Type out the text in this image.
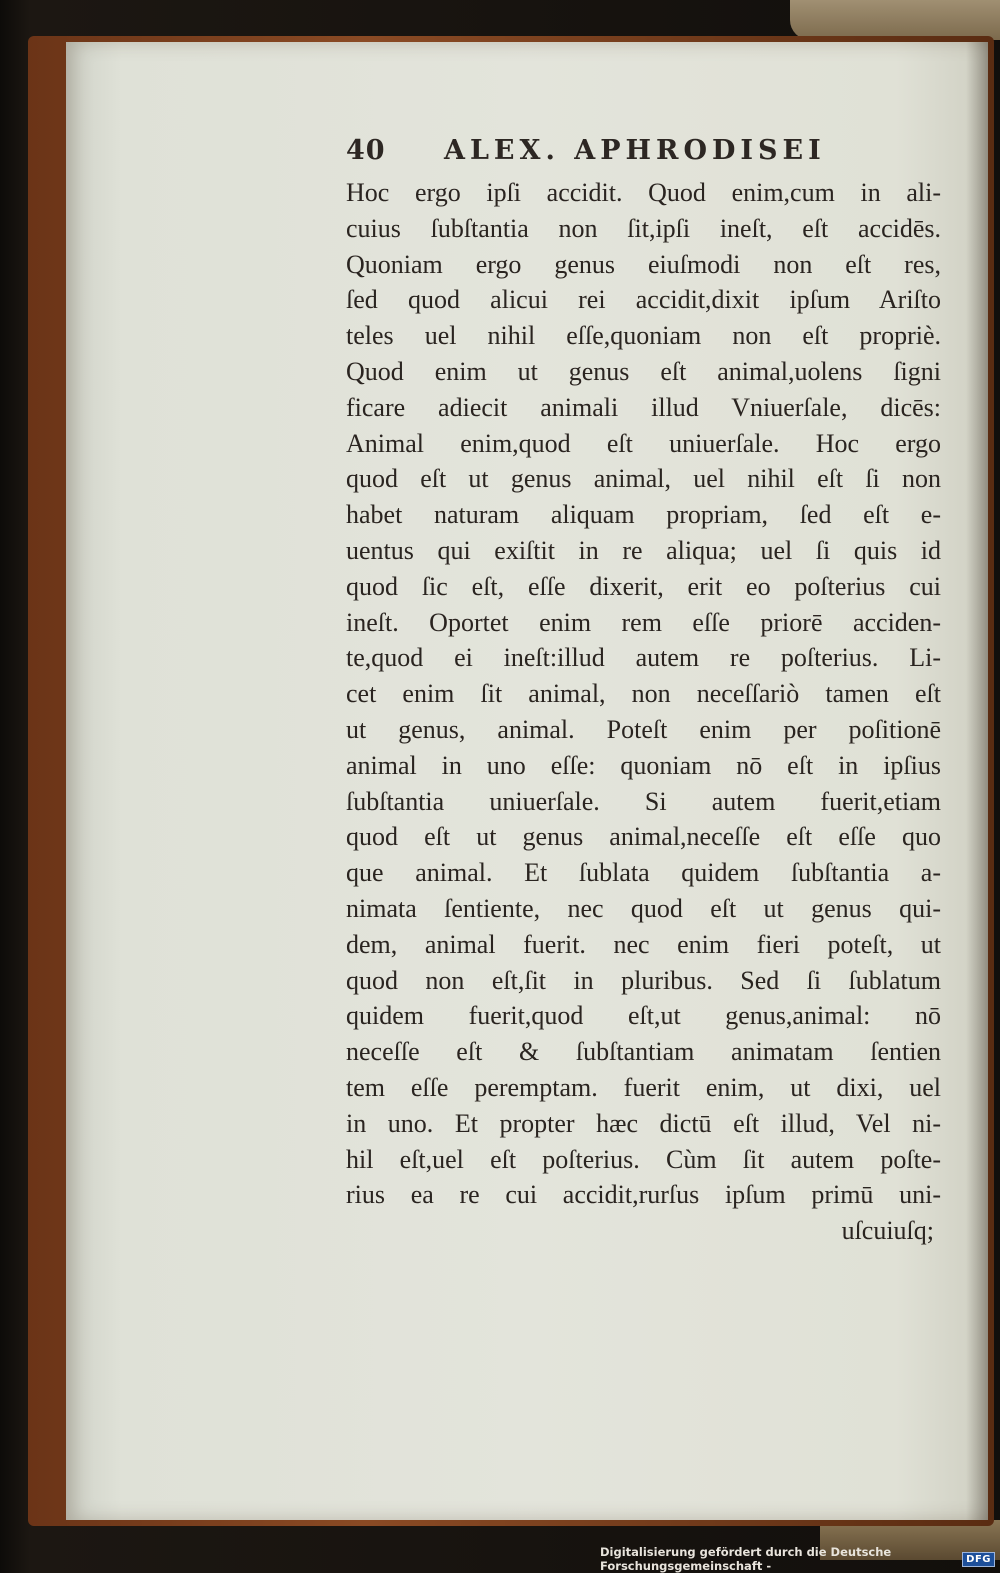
40	ALEX. APHRODISEI
Hoc ergo ipſi accidit. Quod enim,cum in ali-
cuius ſubſtantia non ſit,ipſi ineſt, eſt accidēs.
Quoniam ergo genus eiuſmodi non eſt res,
ſed quod alicui rei accidit,dixit ipſum Ariſto
teles uel nihil eſſe,quoniam non eſt propriè.
Quod enim ut genus eſt animal,uolens ſigni
ficare adiecit animali illud Vniuerſale, dicēs:
Animal enim,quod eſt uniuerſale. Hoc ergo
quod eſt ut genus animal, uel nihil eſt ſi non
habet naturam aliquam propriam, ſed eſt e-
uentus qui exiſtit in re aliqua; uel ſi quis id
quod ſic eſt, eſſe dixerit, erit eo poſterius cui
ineſt. Oportet enim rem eſſe priorē acciden-
te,quod ei ineſt:illud autem re poſterius. Li-
cet enim ſit animal, non neceſſariò tamen eſt
ut genus, animal. Poteſt enim per poſitionē
animal in uno eſſe: quoniam nō eſt in ipſius
ſubſtantia uniuerſale. Si autem fuerit,etiam
quod eſt ut genus animal,neceſſe eſt eſſe quo
que animal. Et ſublata quidem ſubſtantia a-
nimata ſentiente, nec quod eſt ut genus qui-
dem, animal fuerit. nec enim fieri poteſt, ut
quod non eſt,ſit in pluribus. Sed ſi ſublatum
quidem fuerit,quod eſt,ut genus,animal: nō
neceſſe eſt & ſubſtantiam animatam ſentien
tem eſſe peremptam. fuerit enim, ut dixi, uel
in uno. Et propter hæc dictū eſt illud, Vel ni-
hil eſt,uel eſt poſterius. Cùm ſit autem poſte-
rius ea re cui accidit,rurſus ipſum primū uni-
uſcuiuſq;
Digitalisierung gefördert durch die Deutsche Forschungsgemeinschaft -	DFG
